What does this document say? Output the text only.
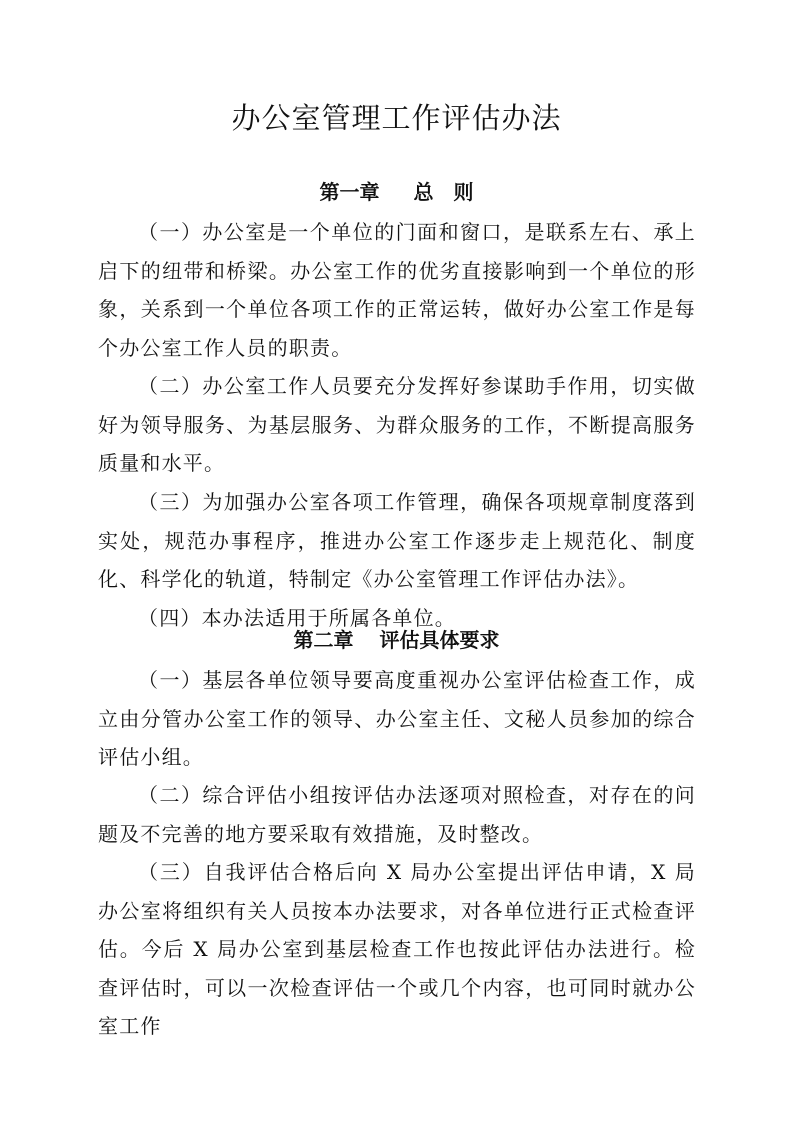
办公室管理工作评估办法
第一章 总 则
（一）办公室是一个单位的门面和窗口，是联系左右、承上启下的纽带和桥梁。办公室工作的优劣直接影响到一个单位的形象，关系到一个单位各项工作的正常运转，做好办公室工作是每个办公室工作人员的职责。
（二）办公室工作人员要充分发挥好参谋助手作用，切实做好为领导服务、为基层服务、为群众服务的工作，不断提高服务质量和水平。
（三）为加强办公室各项工作管理，确保各项规章制度落到实处，规范办事程序，推进办公室工作逐步走上规范化、制度化、科学化的轨道，特制定《办公室管理工作评估办法》。
（四）本办法适用于所属各单位。
第二章 评估具体要求
（一）基层各单位领导要高度重视办公室评估检查工作，成立由分管办公室工作的领导、办公室主任、文秘人员参加的综合评估小组。
（二）综合评估小组按评估办法逐项对照检查，对存在的问题及不完善的地方要采取有效措施，及时整改。
（三）自我评估合格后向 X 局办公室提出评估申请，X 局办公室将组织有关人员按本办法要求，对各单位进行正式检查评估。今后 X 局办公室到基层检查工作也按此评估办法进行。检查评估时，可以一次检查评估一个或几个内容，也可同时就办公室工作
